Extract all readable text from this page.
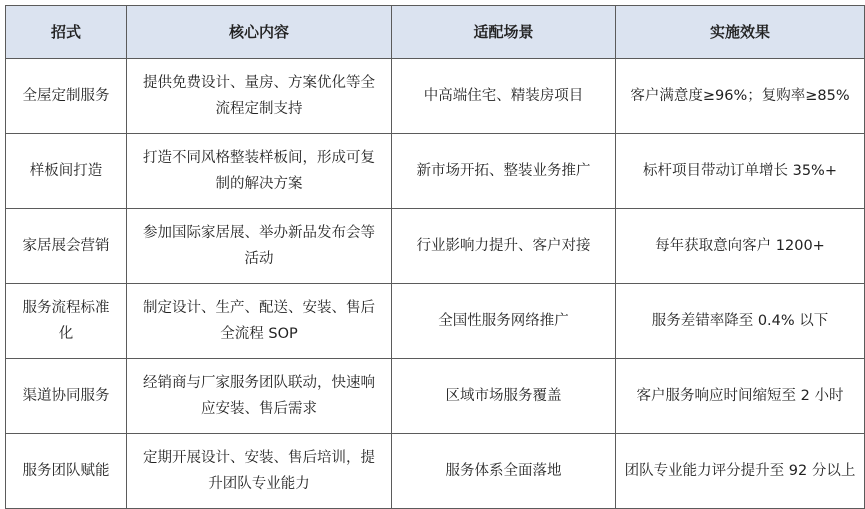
招式	核心内容	适配场景	实施效果
全屋定制服务	提供免费设计、量房、方案优化等全流程定制支持	中高端住宅、精装房项目	客户满意度≥96%；复购率≥85%
样板间打造	打造不同风格整装样板间，形成可复制的解决方案	新市场开拓、整装业务推广	标杆项目带动订单增长 35%+
家居展会营销	参加国际家居展、举办新品发布会等活动	行业影响力提升、客户对接	每年获取意向客户 1200+
服务流程标准化	制定设计、生产、配送、安装、售后全流程 SOP	全国性服务网络推广	服务差错率降至 0.4% 以下
渠道协同服务	经销商与厂家服务团队联动，快速响应安装、售后需求	区域市场服务覆盖	客户服务响应时间缩短至 2 小时
服务团队赋能	定期开展设计、安装、售后培训，提升团队专业能力	服务体系全面落地	团队专业能力评分提升至 92 分以上
